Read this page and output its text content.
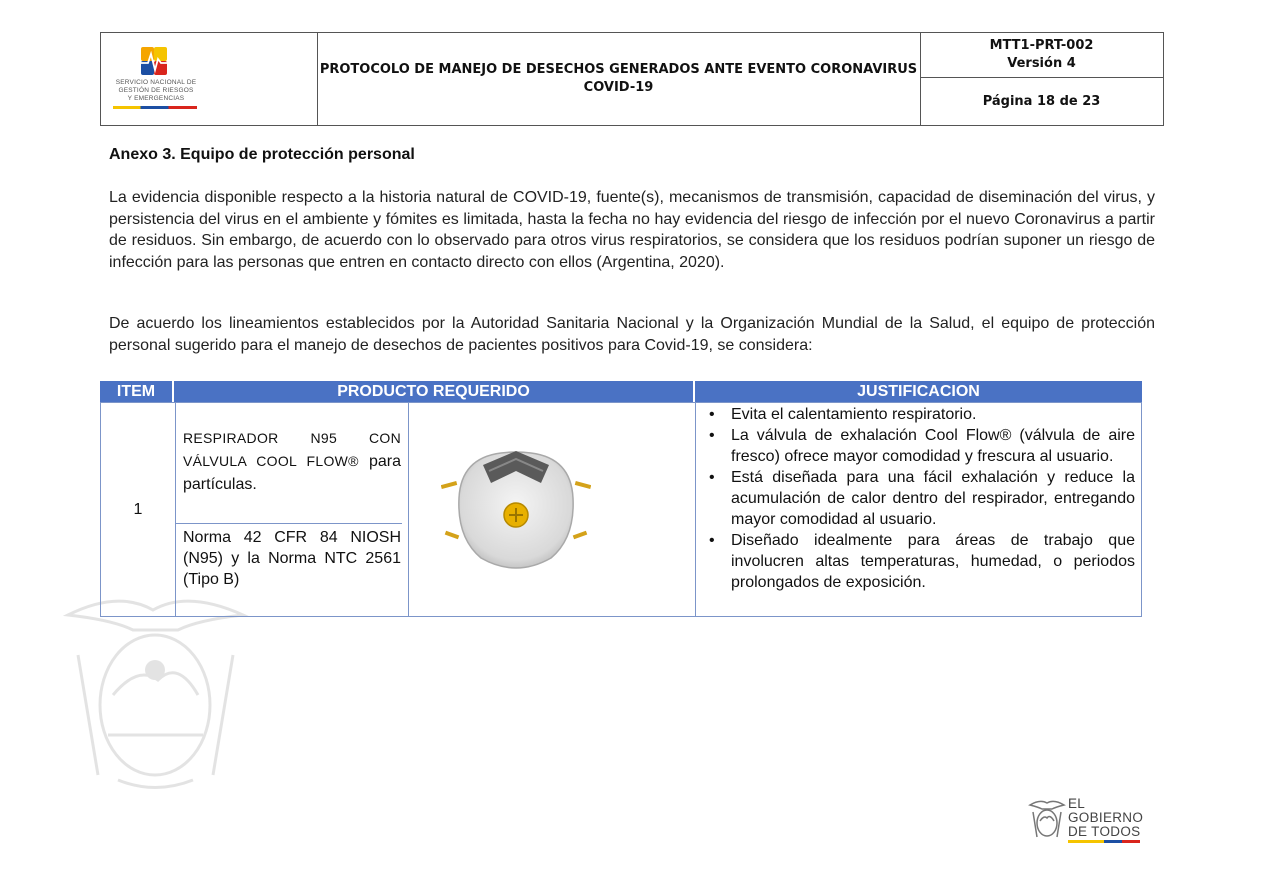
SERVICIO NACIONAL DE
GESTIÓN DE RIESGOS
Y EMERGENCIAS
PROTOCOLO DE MANEJO DE DESECHOS GENERADOS ANTE EVENTO CORONAVIRUS
COVID-19
MTT1-PRT-002
Versión 4
Página 18 de 23
Anexo 3. Equipo de protección personal

La evidencia disponible respecto a la historia natural de COVID-19, fuente(s), mecanismos de transmisión, capacidad de diseminación del virus, y persistencia del virus en el ambiente y fómites es limitada, hasta la fecha no hay evidencia del riesgo de infección por el nuevo Coronavirus a partir de residuos. Sin embargo, de acuerdo con lo observado para otros virus respiratorios, se considera que los residuos podrían suponer un riesgo de infección para las personas que entren en contacto directo con ellos (Argentina, 2020).

De acuerdo los lineamientos establecidos por la Autoridad Sanitaria Nacional y la Organización Mundial de la Salud, el equipo de protección personal sugerido para el manejo de desechos de pacientes positivos para Covid-19, se considera:

ITEM	PRODUCTO REQUERIDO	JUSTIFICACION
1
RESPIRADOR N95 CON VÁLVULA COOL FLOW® para partículas.
Norma 42 CFR 84 NIOSH (N95) y la Norma NTC 2561 (Tipo B)
• Evita el calentamiento respiratorio.
• La válvula de exhalación Cool Flow® (válvula de aire fresco) ofrece mayor comodidad y frescura al usuario.
• Está diseñada para una fácil exhalación y reduce la acumulación de calor dentro del respirador, entregando mayor comodidad al usuario.
• Diseñado idealmente para áreas de trabajo que involucren altas temperaturas, humedad, o periodos prolongados de exposición.
EL
GOBIERNO
DE TODOS
